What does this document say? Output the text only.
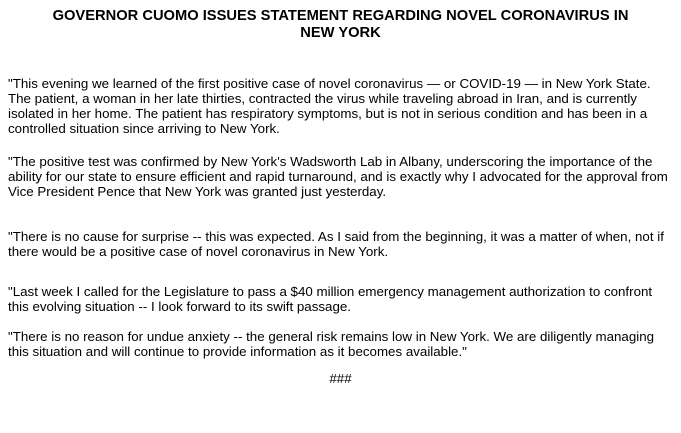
GOVERNOR CUOMO ISSUES STATEMENT REGARDING NOVEL CORONAVIRUS IN NEW YORK

"This evening we learned of the first positive case of novel coronavirus — or COVID-19 — in New York State. The patient, a woman in her late thirties, contracted the virus while traveling abroad in Iran, and is currently isolated in her home. The patient has respiratory symptoms, but is not in serious condition and has been in a controlled situation since arriving to New York.

"The positive test was confirmed by New York's Wadsworth Lab in Albany, underscoring the importance of the ability for our state to ensure efficient and rapid turnaround, and is exactly why I advocated for the approval from Vice President Pence that New York was granted just yesterday.

"There is no cause for surprise -- this was expected. As I said from the beginning, it was a matter of when, not if there would be a positive case of novel coronavirus in New York.

"Last week I called for the Legislature to pass a $40 million emergency management authorization to confront this evolving situation -- I look forward to its swift passage.

"There is no reason for undue anxiety -- the general risk remains low in New York. We are diligently managing this situation and will continue to provide information as it becomes available."

###
